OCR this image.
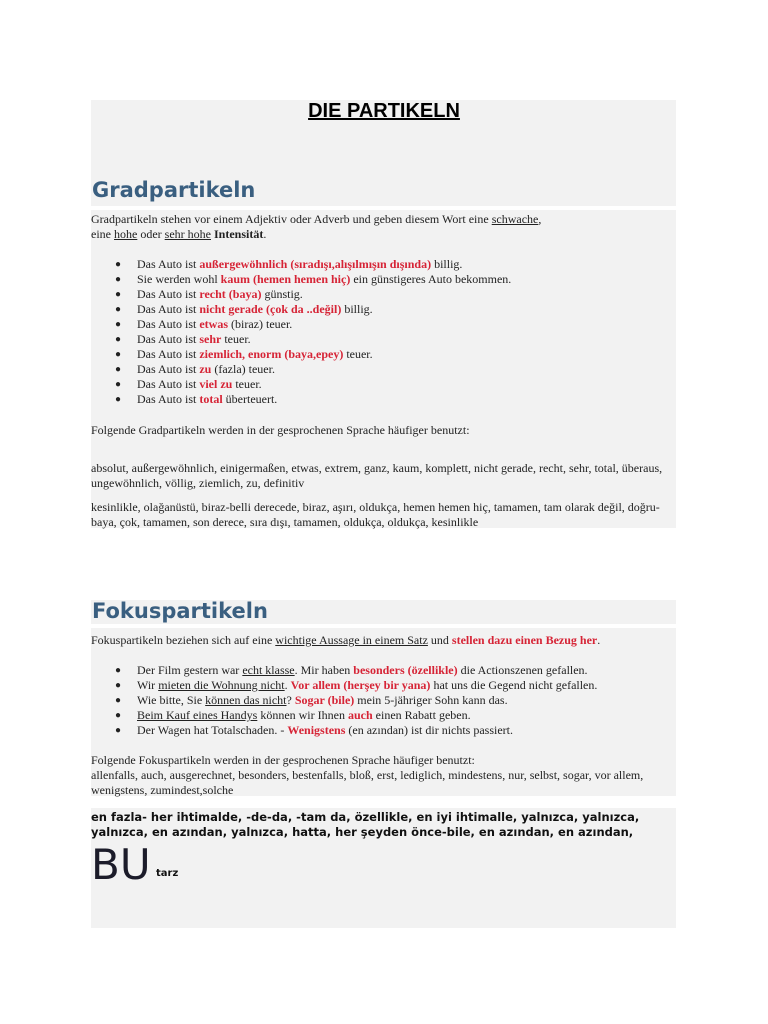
DIE PARTIKELN
Gradpartikeln
Gradpartikeln stehen vor einem Adjektiv oder Adverb und geben diesem Wort eine schwache,
eine hohe oder sehr hohe Intensität.
● Das Auto ist außergewöhnlich (sıradışı,alışılmışın dışında) billig.
● Sie werden wohl kaum (hemen hemen hiç) ein günstigeres Auto bekommen.
● Das Auto ist recht (baya) günstig.
● Das Auto ist nicht gerade (çok da ..değil) billig.
● Das Auto ist etwas (biraz) teuer.
● Das Auto ist sehr teuer.
● Das Auto ist ziemlich, enorm (baya,epey) teuer.
● Das Auto ist zu (fazla) teuer.
● Das Auto ist viel zu teuer.
● Das Auto ist total überteuert.
Folgende Gradpartikeln werden in der gesprochenen Sprache häufiger benutzt:
absolut, außergewöhnlich, einigermaßen, etwas, extrem, ganz, kaum, komplett, nicht gerade, recht, sehr, total, überaus, ungewöhnlich, völlig, ziemlich, zu, definitiv
kesinlikle, olağanüstü, biraz-belli derecede, biraz, aşırı, oldukça, hemen hemen hiç, tamamen, tam olarak değil, doğru-baya, çok, tamamen, son derece, sıra dışı, tamamen, oldukça, oldukça, kesinlikle
Fokuspartikeln
Fokuspartikeln beziehen sich auf eine wichtige Aussage in einem Satz und stellen dazu einen Bezug her.
● Der Film gestern war echt klasse. Mir haben besonders (özellikle) die Actionszenen gefallen.
● Wir mieten die Wohnung nicht. Vor allem (herşey bir yana) hat uns die Gegend nicht gefallen.
● Wie bitte, Sie können das nicht? Sogar (bile) mein 5-jähriger Sohn kann das.
● Beim Kauf eines Handys können wir Ihnen auch einen Rabatt geben.
● Der Wagen hat Totalschaden. - Wenigstens (en azından) ist dir nichts passiert.
Folgende Fokuspartikeln werden in der gesprochenen Sprache häufiger benutzt:
allenfalls, auch, ausgerechnet, besonders, bestenfalls, bloß, erst, lediglich, mindestens, nur, selbst, sogar, vor allem, wenigstens, zumindest,solche
en fazla- her ihtimalde, -de-da, -tam da, özellikle, en iyi ihtimalle, yalnızca, yalnızca, yalnızca, en azından, yalnızca, hatta, her şeyden önce-bile, en azından, en azından,
BU tarz
